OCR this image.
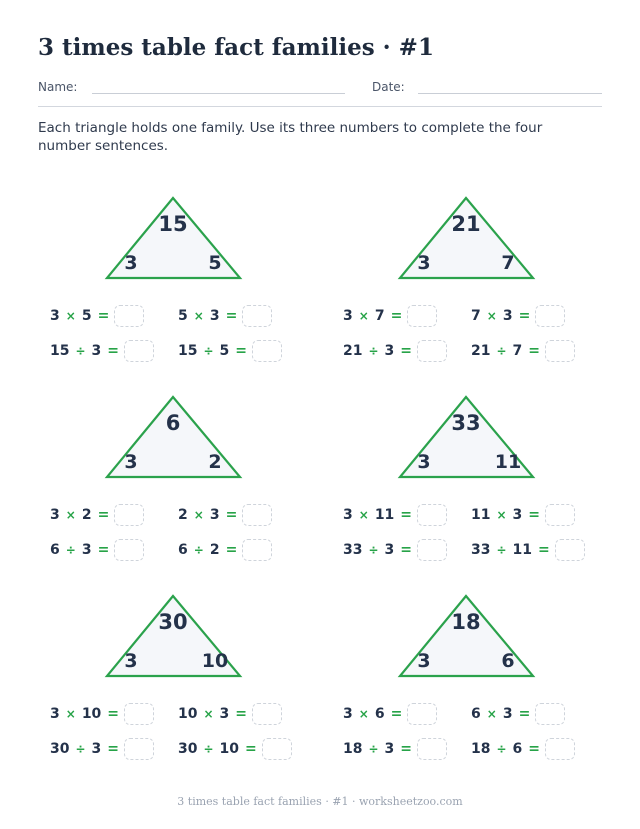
3 times table fact families · #1
Name:	Date:
Each triangle holds one family. Use its three numbers to complete the four number sentences.
15
3	5
3 × 5 =	5 × 3 =
15 ÷ 3 =	15 ÷ 5 =
21
3	7
3 × 7 =	7 × 3 =
21 ÷ 3 =	21 ÷ 7 =
6
3	2
3 × 2 =	2 × 3 =
6 ÷ 3 =	6 ÷ 2 =
33
3	11
3 × 11 =	11 × 3 =
33 ÷ 3 =	33 ÷ 11 =
30
3	10
3 × 10 =	10 × 3 =
30 ÷ 3 =	30 ÷ 10 =
18
3	6
3 × 6 =	6 × 3 =
18 ÷ 3 =	18 ÷ 6 =
3 times table fact families · #1 · worksheetzoo.com
